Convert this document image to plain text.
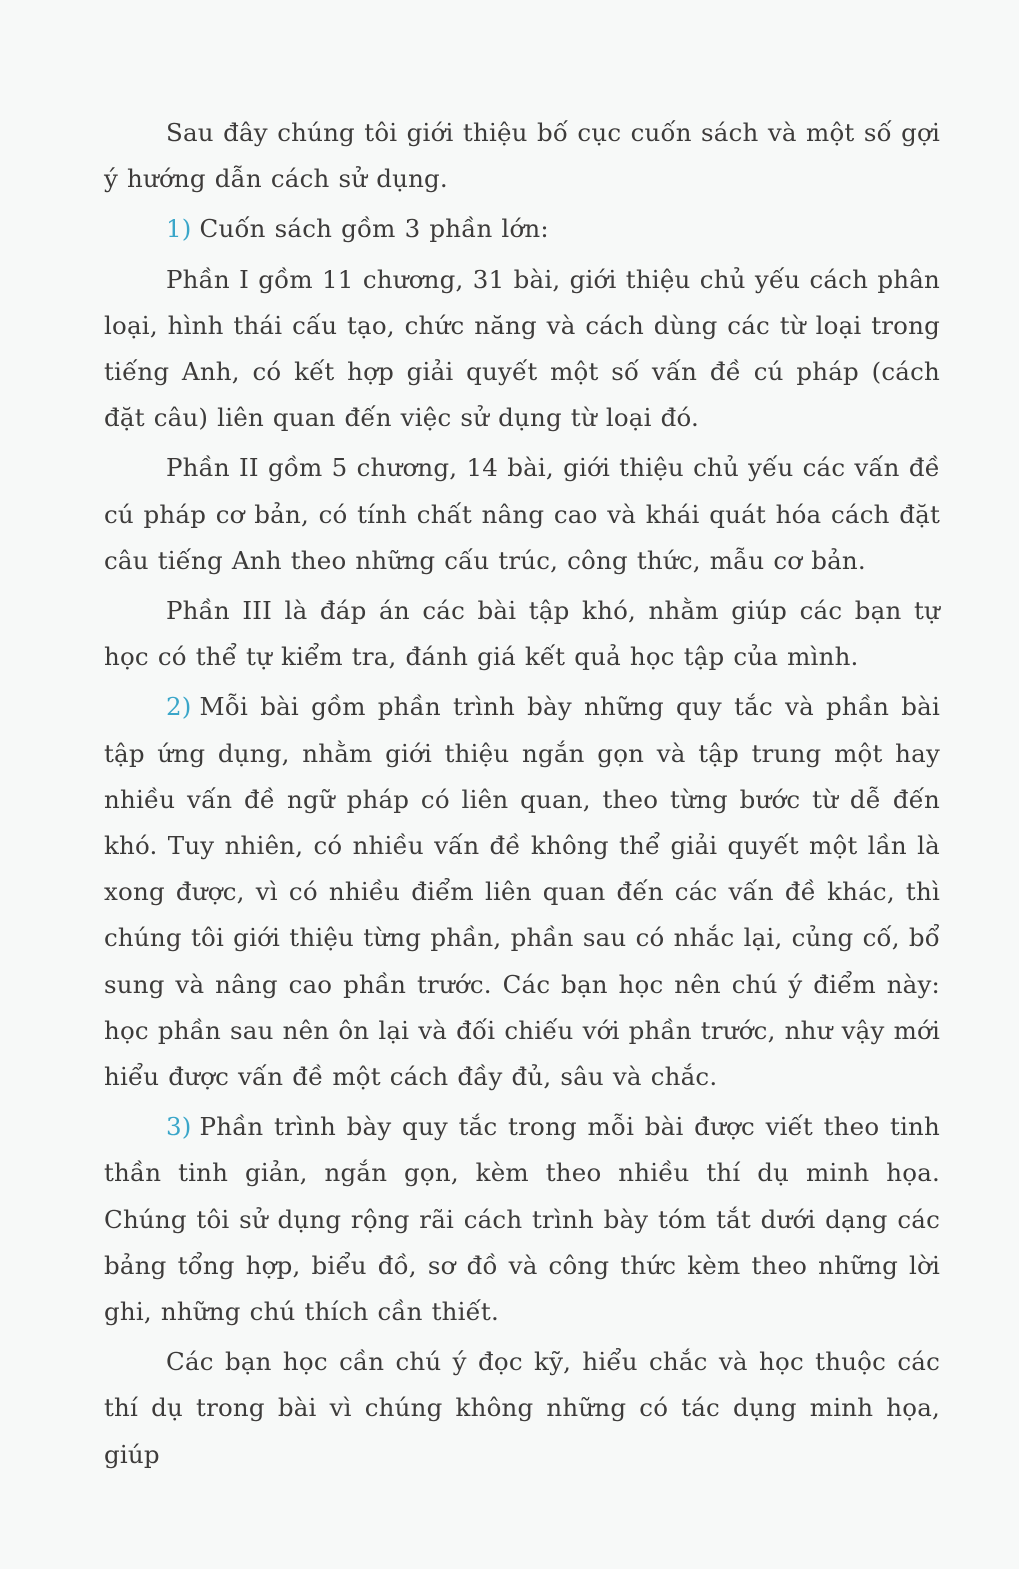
Sau đây chúng tôi giới thiệu bố cục cuốn sách và một số gợi ý hướng dẫn cách sử dụng.

1) Cuốn sách gồm 3 phần lớn:

Phần I gồm 11 chương, 31 bài, giới thiệu chủ yếu cách phân loại, hình thái cấu tạo, chức năng và cách dùng các từ loại trong tiếng Anh, có kết hợp giải quyết một số vấn đề cú pháp (cách đặt câu) liên quan đến việc sử dụng từ loại đó.

Phần II gồm 5 chương, 14 bài, giới thiệu chủ yếu các vấn đề cú pháp cơ bản, có tính chất nâng cao và khái quát hóa cách đặt câu tiếng Anh theo những cấu trúc, công thức, mẫu cơ bản.

Phần III là đáp án các bài tập khó, nhằm giúp các bạn tự học có thể tự kiểm tra, đánh giá kết quả học tập của mình.

2) Mỗi bài gồm phần trình bày những quy tắc và phần bài tập ứng dụng, nhằm giới thiệu ngắn gọn và tập trung một hay nhiều vấn đề ngữ pháp có liên quan, theo từng bước từ dễ đến khó. Tuy nhiên, có nhiều vấn đề không thể giải quyết một lần là xong được, vì có nhiều điểm liên quan đến các vấn đề khác, thì chúng tôi giới thiệu từng phần, phần sau có nhắc lại, củng cố, bổ sung và nâng cao phần trước. Các bạn học nên chú ý điểm này: học phần sau nên ôn lại và đối chiếu với phần trước, như vậy mới hiểu được vấn đề một cách đầy đủ, sâu và chắc.

3) Phần trình bày quy tắc trong mỗi bài được viết theo tinh thần tinh giản, ngắn gọn, kèm theo nhiều thí dụ minh họa. Chúng tôi sử dụng rộng rãi cách trình bày tóm tắt dưới dạng các bảng tổng hợp, biểu đồ, sơ đồ và công thức kèm theo những lời ghi, những chú thích cần thiết.

Các bạn học cần chú ý đọc kỹ, hiểu chắc và học thuộc các thí dụ trong bài vì chúng không những có tác dụng minh họa, giúp
